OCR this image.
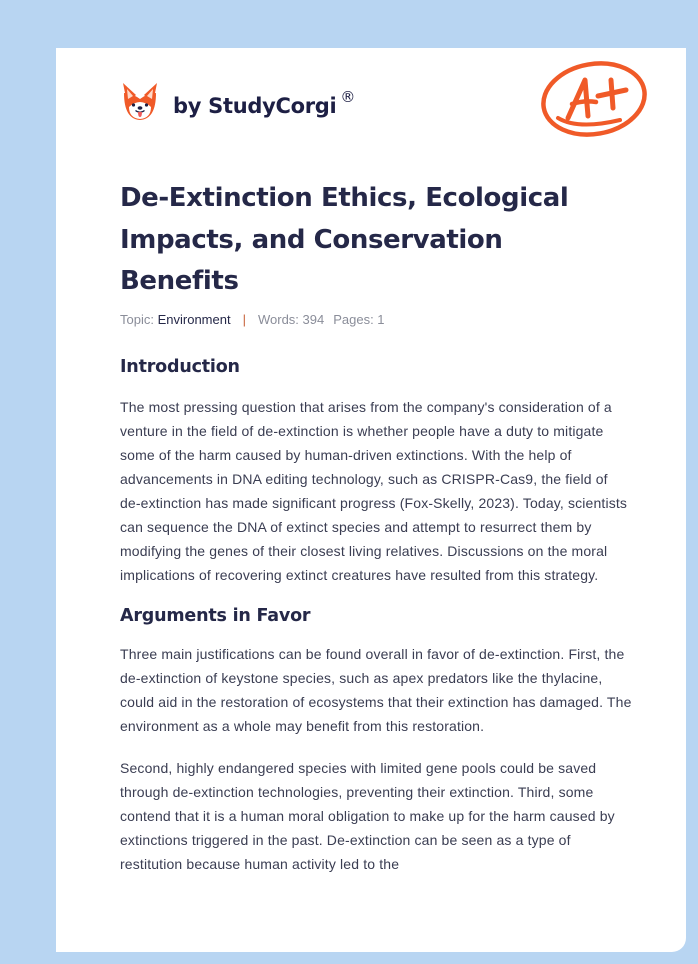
by StudyCorgi ®
De-Extinction Ethics, Ecological Impacts, and Conservation Benefits
Topic:
Environment | Words: 394 Pages: 1
Introduction

The most pressing question that arises from the company's consideration of a venture in the field of de-extinction is whether people have a duty to mitigate some of the harm caused by human-driven extinctions. With the help of advancements in DNA editing technology, such as CRISPR-Cas9, the field of de-extinction has made significant progress (Fox-Skelly, 2023). Today, scientists can sequence the DNA of extinct species and attempt to resurrect them by modifying the genes of their closest living relatives. Discussions on the moral implications of recovering extinct creatures have resulted from this strategy.

Arguments in Favor

Three main justifications can be found overall in favor of de-extinction. First, the de-extinction of keystone species, such as apex predators like the thylacine, could aid in the restoration of ecosystems that their extinction has damaged. The environment as a whole may benefit from this restoration.

Second, highly endangered species with limited gene pools could be saved through de-extinction technologies, preventing their extinction. Third, some contend that it is a human moral obligation to make up for the harm caused by extinctions triggered in the past. De-extinction can be seen as a type of restitution because human activity led to the
